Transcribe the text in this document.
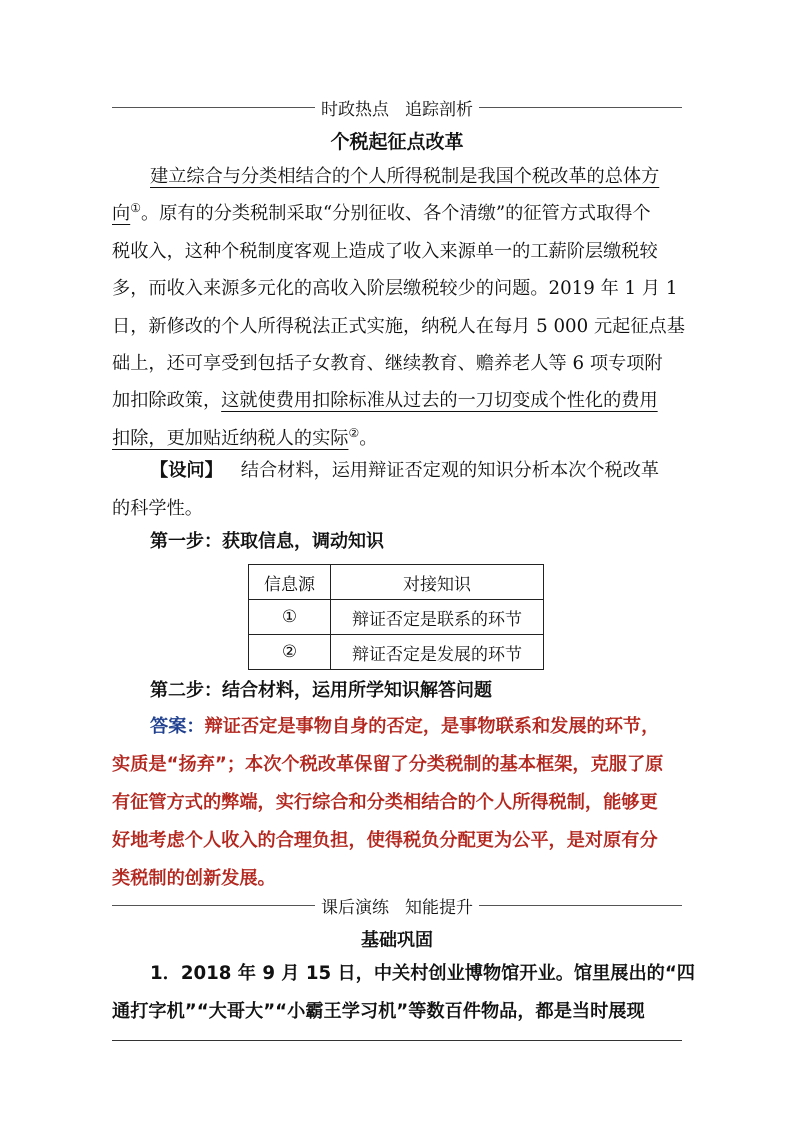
时政热点 追踪剖析
个税起征点改革
建立综合与分类相结合的个人所得税制是我国个税改革的总体方
向①。原有的分类税制采取“分别征收、各个清缴”的征管方式取得个
税收入，这种个税制度客观上造成了收入来源单一的工薪阶层缴税较
多，而收入来源多元化的高收入阶层缴税较少的问题。2019 年 1 月 1
日，新修改的个人所得税法正式实施，纳税人在每月 5 000 元起征点基
础上，还可享受到包括子女教育、继续教育、赡养老人等 6 项专项附
加扣除政策，这就使费用扣除标准从过去的一刀切变成个性化的费用
扣除，更加贴近纳税人的实际②。
【设问】 结合材料，运用辩证否定观的知识分析本次个税改革
的科学性。
第一步：获取信息，调动知识
信息源	对接知识
①	辩证否定是联系的环节
②	辩证否定是发展的环节
第二步：结合材料，运用所学知识解答问题
答案：辩证否定是事物自身的否定，是事物联系和发展的环节，
实质是“扬弃”；本次个税改革保留了分类税制的基本框架，克服了原
有征管方式的弊端，实行综合和分类相结合的个人所得税制，能够更
好地考虑个人收入的合理负担，使得税负分配更为公平，是对原有分
类税制的创新发展。
课后演练 知能提升
基础巩固
1．2018 年 9 月 15 日，中关村创业博物馆开业。馆里展出的“四
通打字机”“大哥大”“小霸王学习机”等数百件物品，都是当时展现
